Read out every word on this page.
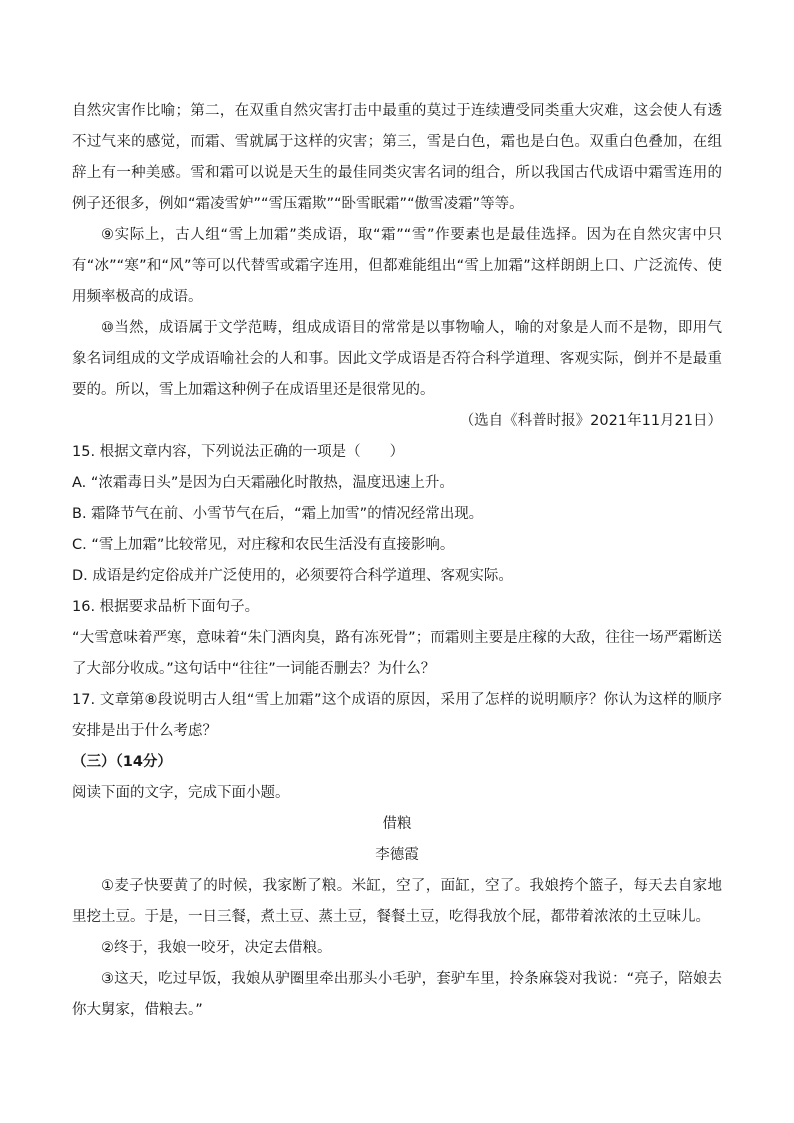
自然灾害作比喻；第二，在双重自然灾害打击中最重的莫过于连续遭受同类重大灾难，这会使人有透不过气来的感觉，而霜、雪就属于这样的灾害；第三，雪是白色，霜也是白色。双重白色叠加，在组辞上有一种美感。雪和霜可以说是天生的最佳同类灾害名词的组合，所以我国古代成语中霜雪连用的例子还很多，例如“霜凌雪妒”“雪压霜欺”“卧雪眠霜”“傲雪凌霜”等等。

⑨实际上，古人组“雪上加霜”类成语，取“霜”“雪”作要素也是最佳选择。因为在自然灾害中只有“冰”“寒”和“风”等可以代替雪或霜字连用，但都难能组出“雪上加霜”这样朗朗上口、广泛流传、使用频率极高的成语。

⑩当然，成语属于文学范畴，组成成语目的常常是以事物喻人，喻的对象是人而不是物，即用气象名词组成的文学成语喻社会的人和事。因此文学成语是否符合科学道理、客观实际，倒并不是最重要的。所以，雪上加霜这种例子在成语里还是很常见的。

（选自《科普时报》2021年11月21日）

15. 根据文章内容，下列说法正确的一项是（　　）

A. “浓霜毒日头”是因为白天霜融化时散热，温度迅速上升。

B. 霜降节气在前、小雪节气在后，“霜上加雪”的情况经常出现。

C. “雪上加霜”比较常见，对庄稼和农民生活没有直接影响。

D. 成语是约定俗成并广泛使用的，必须要符合科学道理、客观实际。

16. 根据要求品析下面句子。

“大雪意味着严寒，意味着“朱门酒肉臭，路有冻死骨”；而霜则主要是庄稼的大敌，往往一场严霜断送了大部分收成。”这句话中“往往”一词能否删去？为什么？

17. 文章第⑧段说明古人组“雪上加霜”这个成语的原因，采用了怎样的说明顺序？你认为这样的顺序安排是出于什么考虑？

（三）（14分）

阅读下面的文字，完成下面小题。

借粮

李德霞

①麦子快要黄了的时候，我家断了粮。米缸，空了，面缸，空了。我娘挎个篮子，每天去自家地里挖土豆。于是，一日三餐，煮土豆、蒸土豆，餐餐土豆，吃得我放个屁，都带着浓浓的土豆味儿。

②终于，我娘一咬牙，决定去借粮。

③这天，吃过早饭，我娘从驴圈里牵出那头小毛驴，套驴车里，拎条麻袋对我说：“亮子，陪娘去你大舅家，借粮去。”
